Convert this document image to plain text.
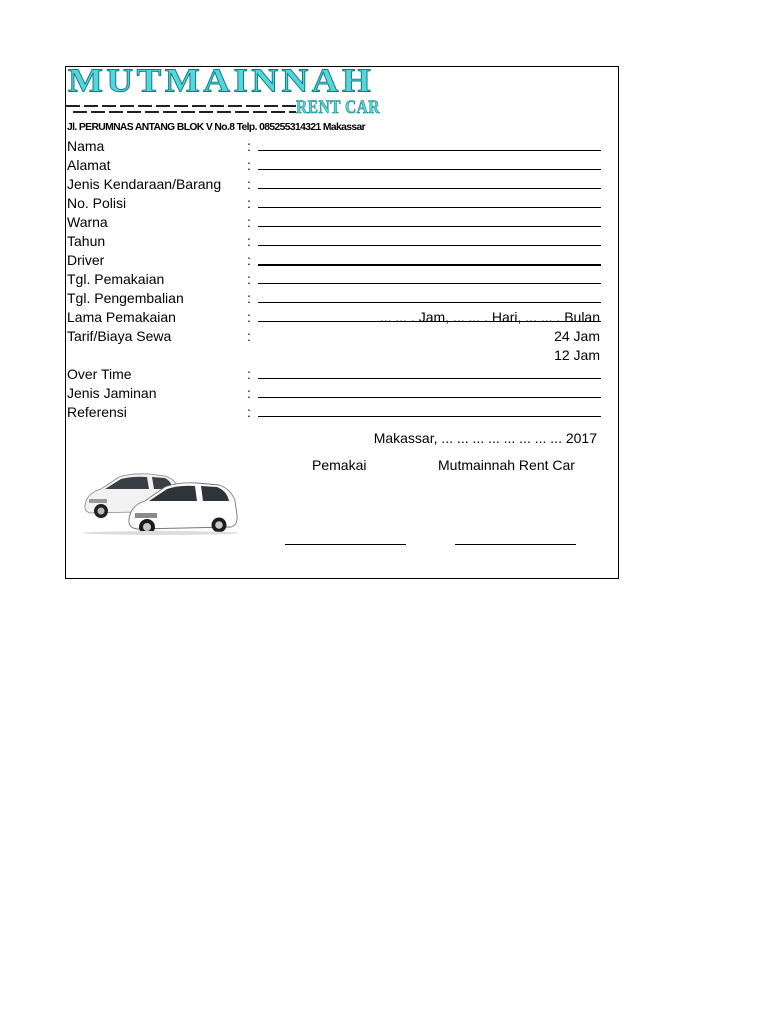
MUTMAINNAH
RENT CAR
Jl. PERUMNAS ANTANG BLOK V No.8 Telp. 085255314321 Makassar
Nama	:
Alamat	:
Jenis Kendaraan/Barang :
No. Polisi	:
Warna	:
Tahun	:
Driver	:
Tgl. Pemakaian	:
Tgl. Pengembalian	:
Lama Pemakaian	:	... ... . Jam, ... ... . Hari, ... ... . Bulan
Tarif/Biaya Sewa	:	24 Jam
12 Jam
Over Time	:
Jenis Jaminan	:
Referensi	:
Makassar, ... ... ... ... ... ... ... ... 2017
Pemakai	Mutmainnah Rent Car
